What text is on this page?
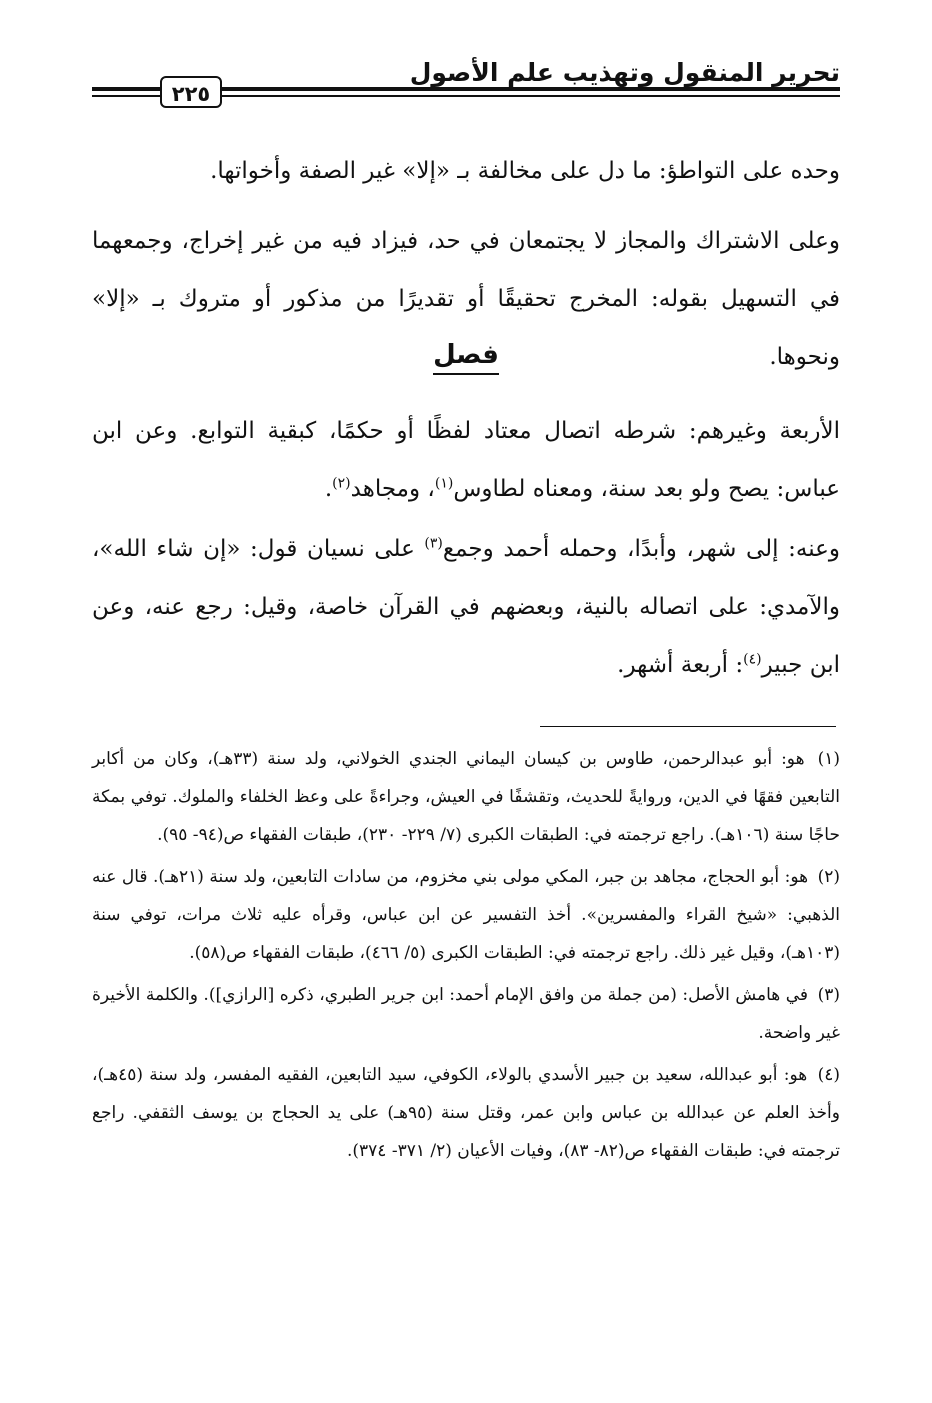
تحرير المنقول وتهذيب علم الأصول
٢٢٥
وحده على التواطؤ: ما دل على مخالفة بـ «إلا» غير الصفة وأخواتها.
وعلى الاشتراك والمجاز لا يجتمعان في حد، فيزاد فيه من غير إخراج، وجمعهما في التسهيل بقوله: المخرج تحقيقًا أو تقديرًا من مذكور أو متروك بـ «إلا» ونحوها.
فصل
الأربعة وغيرهم: شرطه اتصال معتاد لفظًا أو حكمًا، كبقية التوابع. وعن ابن عباس: يصح ولو بعد سنة، ومعناه لطاوس$^{(١)}$، ومجاهد$^{(٢)}$.
وعنه: إلى شهر، وأبدًا، وحمله أحمد وجمع$^{(٣)}$ على نسيان قول: «إن شاء الله»، والآمدي: على اتصاله بالنية، وبعضهم في القرآن خاصة، وقيل: رجع عنه، وعن ابن جبير$^{(٤)}$: أربعة أشهر.
(١) هو: أبو عبدالرحمن، طاوس بن كيسان اليماني الجندي الخولاني، ولد سنة (٣٣هـ)، وكان من أكابر التابعين فقهًا في الدين، وروايةً للحديث، وتقشفًا في العيش، وجراءةً على وعظ الخلفاء والملوك. توفي بمكة حاجًا سنة (١٠٦هـ). راجع ترجمته في: الطبقات الكبرى (٧/ ٢٢٩- ٢٣٠)، طبقات الفقهاء ص(٩٤- ٩٥).
(٢) هو: أبو الحجاج، مجاهد بن جبر، المكي مولى بني مخزوم، من سادات التابعين، ولد سنة (٢١هـ). قال عنه الذهبي: «شيخ القراء والمفسرين». أخذ التفسير عن ابن عباس، وقرأه عليه ثلاث مرات، توفي سنة (١٠٣هـ)، وقيل غير ذلك. راجع ترجمته في: الطبقات الكبرى (٥/ ٤٦٦)، طبقات الفقهاء ص(٥٨).
(٣) في هامش الأصل: (من جملة من وافق الإمام أحمد: ابن جرير الطبري، ذكره [الرازي]). والكلمة الأخيرة غير واضحة.
(٤) هو: أبو عبدالله، سعيد بن جبير الأسدي بالولاء، الكوفي، سيد التابعين، الفقيه المفسر، ولد سنة (٤٥هـ)، وأخذ العلم عن عبدالله بن عباس وابن عمر، وقتل سنة (٩٥هـ) على يد الحجاج بن يوسف الثقفي. راجع ترجمته في: طبقات الفقهاء ص(٨٢- ٨٣)، وفيات الأعيان (٢/ ٣٧١- ٣٧٤).
